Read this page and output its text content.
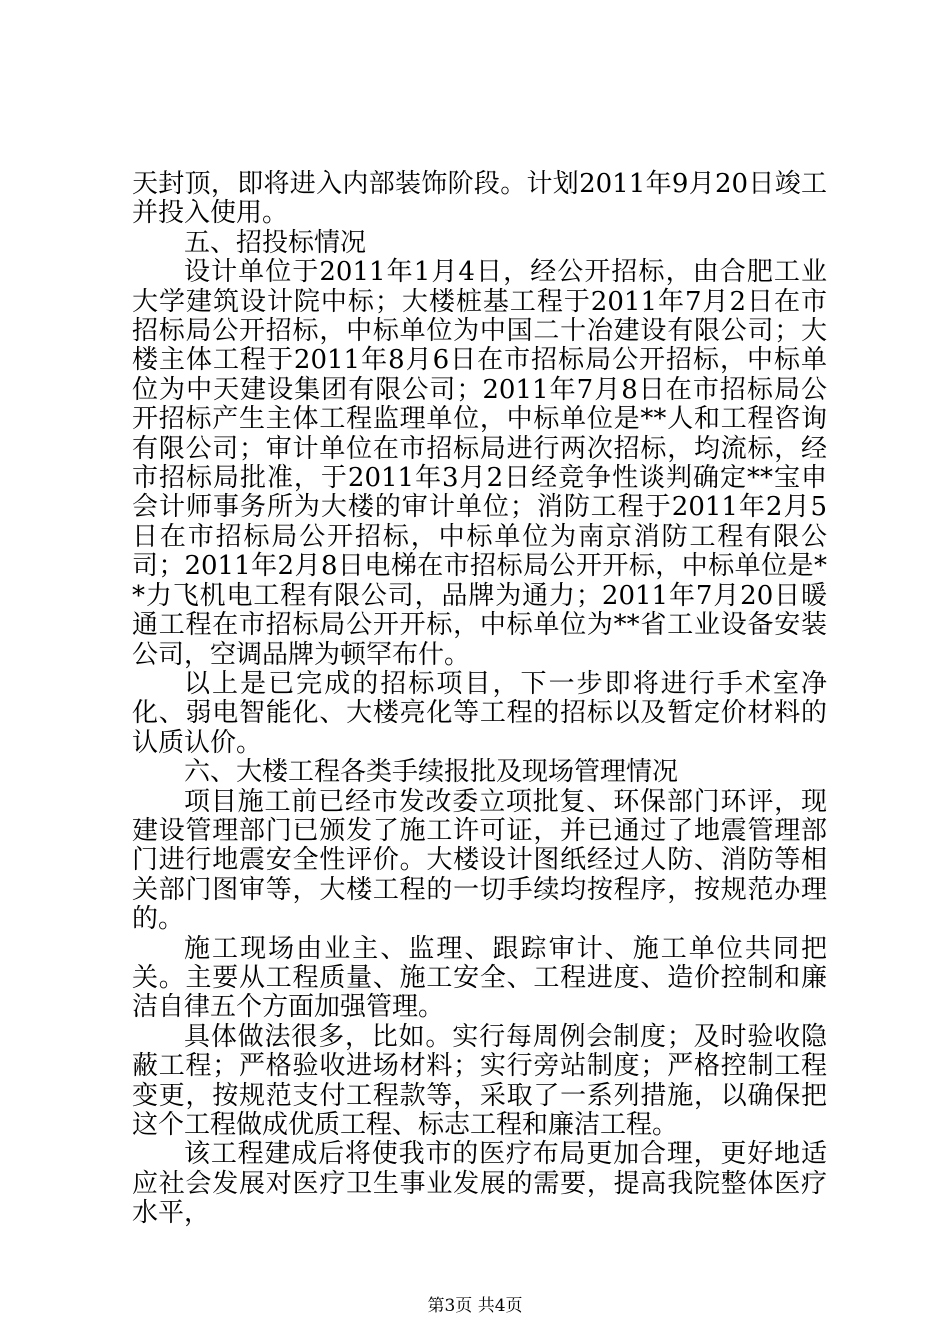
天封顶，即将进入内部装饰阶段。计划2011年9月20日竣工并投入使用。

五、招投标情况

设计单位于2011年1月4日，经公开招标，由合肥工业大学建筑设计院中标；大楼桩基工程于2011年7月2日在市招标局公开招标，中标单位为中国二十冶建设有限公司；大楼主体工程于2011年8月6日在市招标局公开招标，中标单位为中天建设集团有限公司；2011年7月8日在市招标局公开招标产生主体工程监理单位，中标单位是**人和工程咨询有限公司；审计单位在市招标局进行两次招标，均流标，经市招标局批准，于2011年3月2日经竞争性谈判确定**宝申会计师事务所为大楼的审计单位；消防工程于2011年2月5日在市招标局公开招标，中标单位为南京消防工程有限公司；2011年2月8日电梯在市招标局公开开标，中标单位是**力飞机电工程有限公司，品牌为通力；2011年7月20日暖通工程在市招标局公开开标，中标单位为**省工业设备安装公司，空调品牌为顿罕布什。

以上是已完成的招标项目，下一步即将进行手术室净化、弱电智能化、大楼亮化等工程的招标以及暂定价材料的认质认价。

六、大楼工程各类手续报批及现场管理情况

项目施工前已经市发改委立项批复、环保部门环评，现建设管理部门已颁发了施工许可证，并已通过了地震管理部门进行地震安全性评价。大楼设计图纸经过人防、消防等相关部门图审等，大楼工程的一切手续均按程序，按规范办理的。

施工现场由业主、监理、跟踪审计、施工单位共同把关。主要从工程质量、施工安全、工程进度、造价控制和廉洁自律五个方面加强管理。

具体做法很多，比如。实行每周例会制度；及时验收隐蔽工程；严格验收进场材料；实行旁站制度；严格控制工程变更，按规范支付工程款等，采取了一系列措施，以确保把这个工程做成优质工程、标志工程和廉洁工程。

该工程建成后将使我市的医疗布局更加合理，更好地适应社会发展对医疗卫生事业发展的需要，提高我院整体医疗水平，

第3页 共4页
